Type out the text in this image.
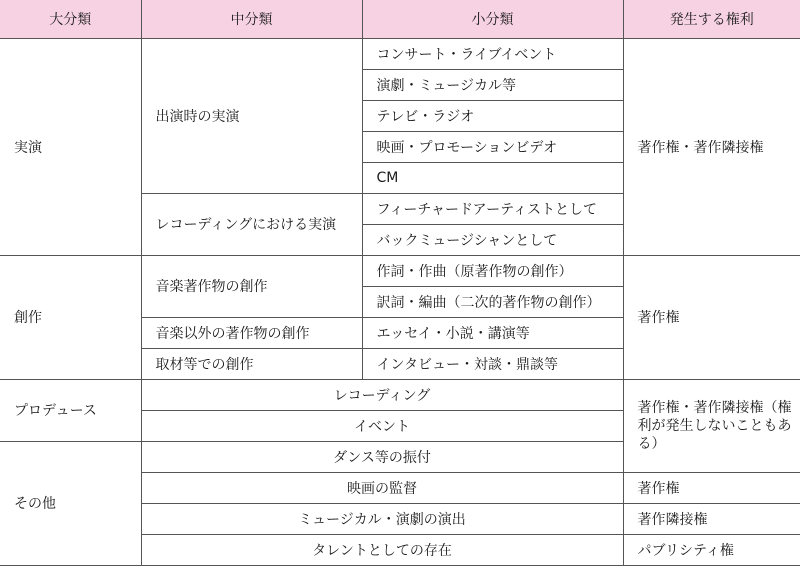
大分類	中分類	小分類	発生する権利
実演	出演時の実演	コンサート・ライブイベント	著作権・著作隣接権
		演劇・ミュージカル等	
		テレビ・ラジオ	
		映画・プロモーションビデオ	
		CM	
	レコーディングにおける実演	フィーチャードアーティストとして	
		バックミュージシャンとして	
創作	音楽著作物の創作	作詞・作曲（原著作物の創作）	著作権
		訳詞・編曲（二次的著作物の創作）	
	音楽以外の著作物の創作	エッセイ・小説・講演等	
	取材等での創作	インタビュー・対談・鼎談等	
プロデュース	レコーディング		著作権・著作隣接権（権利が発生しないこともある）
	イベント		
その他	ダンス等の振付		
	映画の監督		著作権
	ミュージカル・演劇の演出		著作隣接権
	タレントとしての存在		パブリシティ権
